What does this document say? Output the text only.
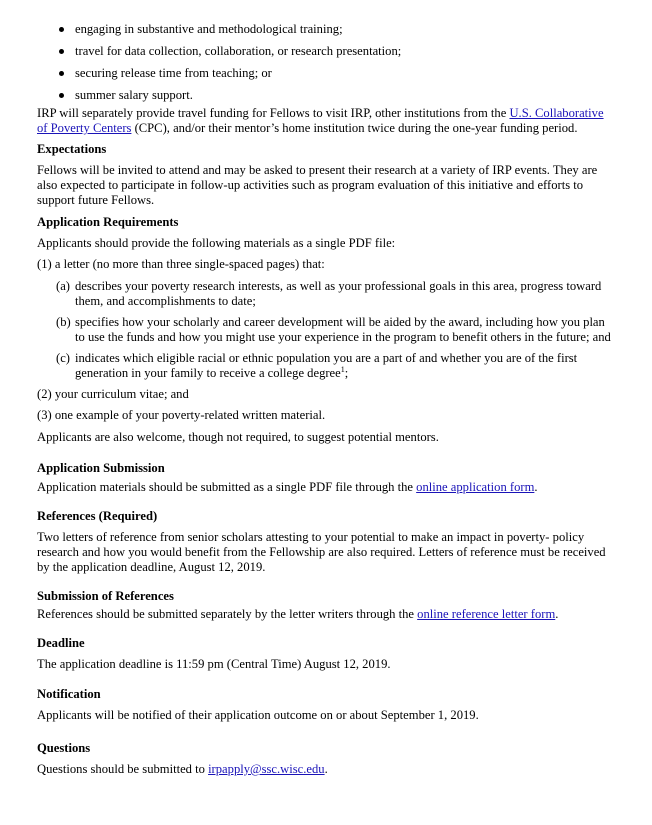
engaging in substantive and methodological training;
travel for data collection, collaboration, or research presentation;
securing release time from teaching; or
summer salary support.

IRP will separately provide travel funding for Fellows to visit IRP, other institutions from the U.S. Collaborative of Poverty Centers (CPC), and/or their mentor’s home institution twice during the one-year funding period.

Expectations

Fellows will be invited to attend and may be asked to present their research at a variety of IRP events. They are also expected to participate in follow-up activities such as program evaluation of this initiative and efforts to support future Fellows.

Application Requirements

Applicants should provide the following materials as a single PDF file:

(1) a letter (no more than three single-spaced pages) that:

(a) describes your poverty research interests, as well as your professional goals in this area, progress toward them, and accomplishments to date;
(b) specifies how your scholarly and career development will be aided by the award, including how you plan to use the funds and how you might use your experience in the program to benefit others in the future; and
(c) indicates which eligible racial or ethnic population you are a part of and whether you are of the first generation in your family to receive a college degree$^1$;

(2) your curriculum vitae; and

(3) one example of your poverty-related written material.

Applicants are also welcome, though not required, to suggest potential mentors.

Application Submission

Application materials should be submitted as a single PDF file through the online application form.

References (Required)

Two letters of reference from senior scholars attesting to your potential to make an impact in poverty- policy research and how you would benefit from the Fellowship are also required. Letters of reference must be received by the application deadline, August 12, 2019.

Submission of References

References should be submitted separately by the letter writers through the online reference letter form.

Deadline

The application deadline is 11:59 pm (Central Time) August 12, 2019.

Notification

Applicants will be notified of their application outcome on or about September 1, 2019.

Questions

Questions should be submitted to irpapply@ssc.wisc.edu.
